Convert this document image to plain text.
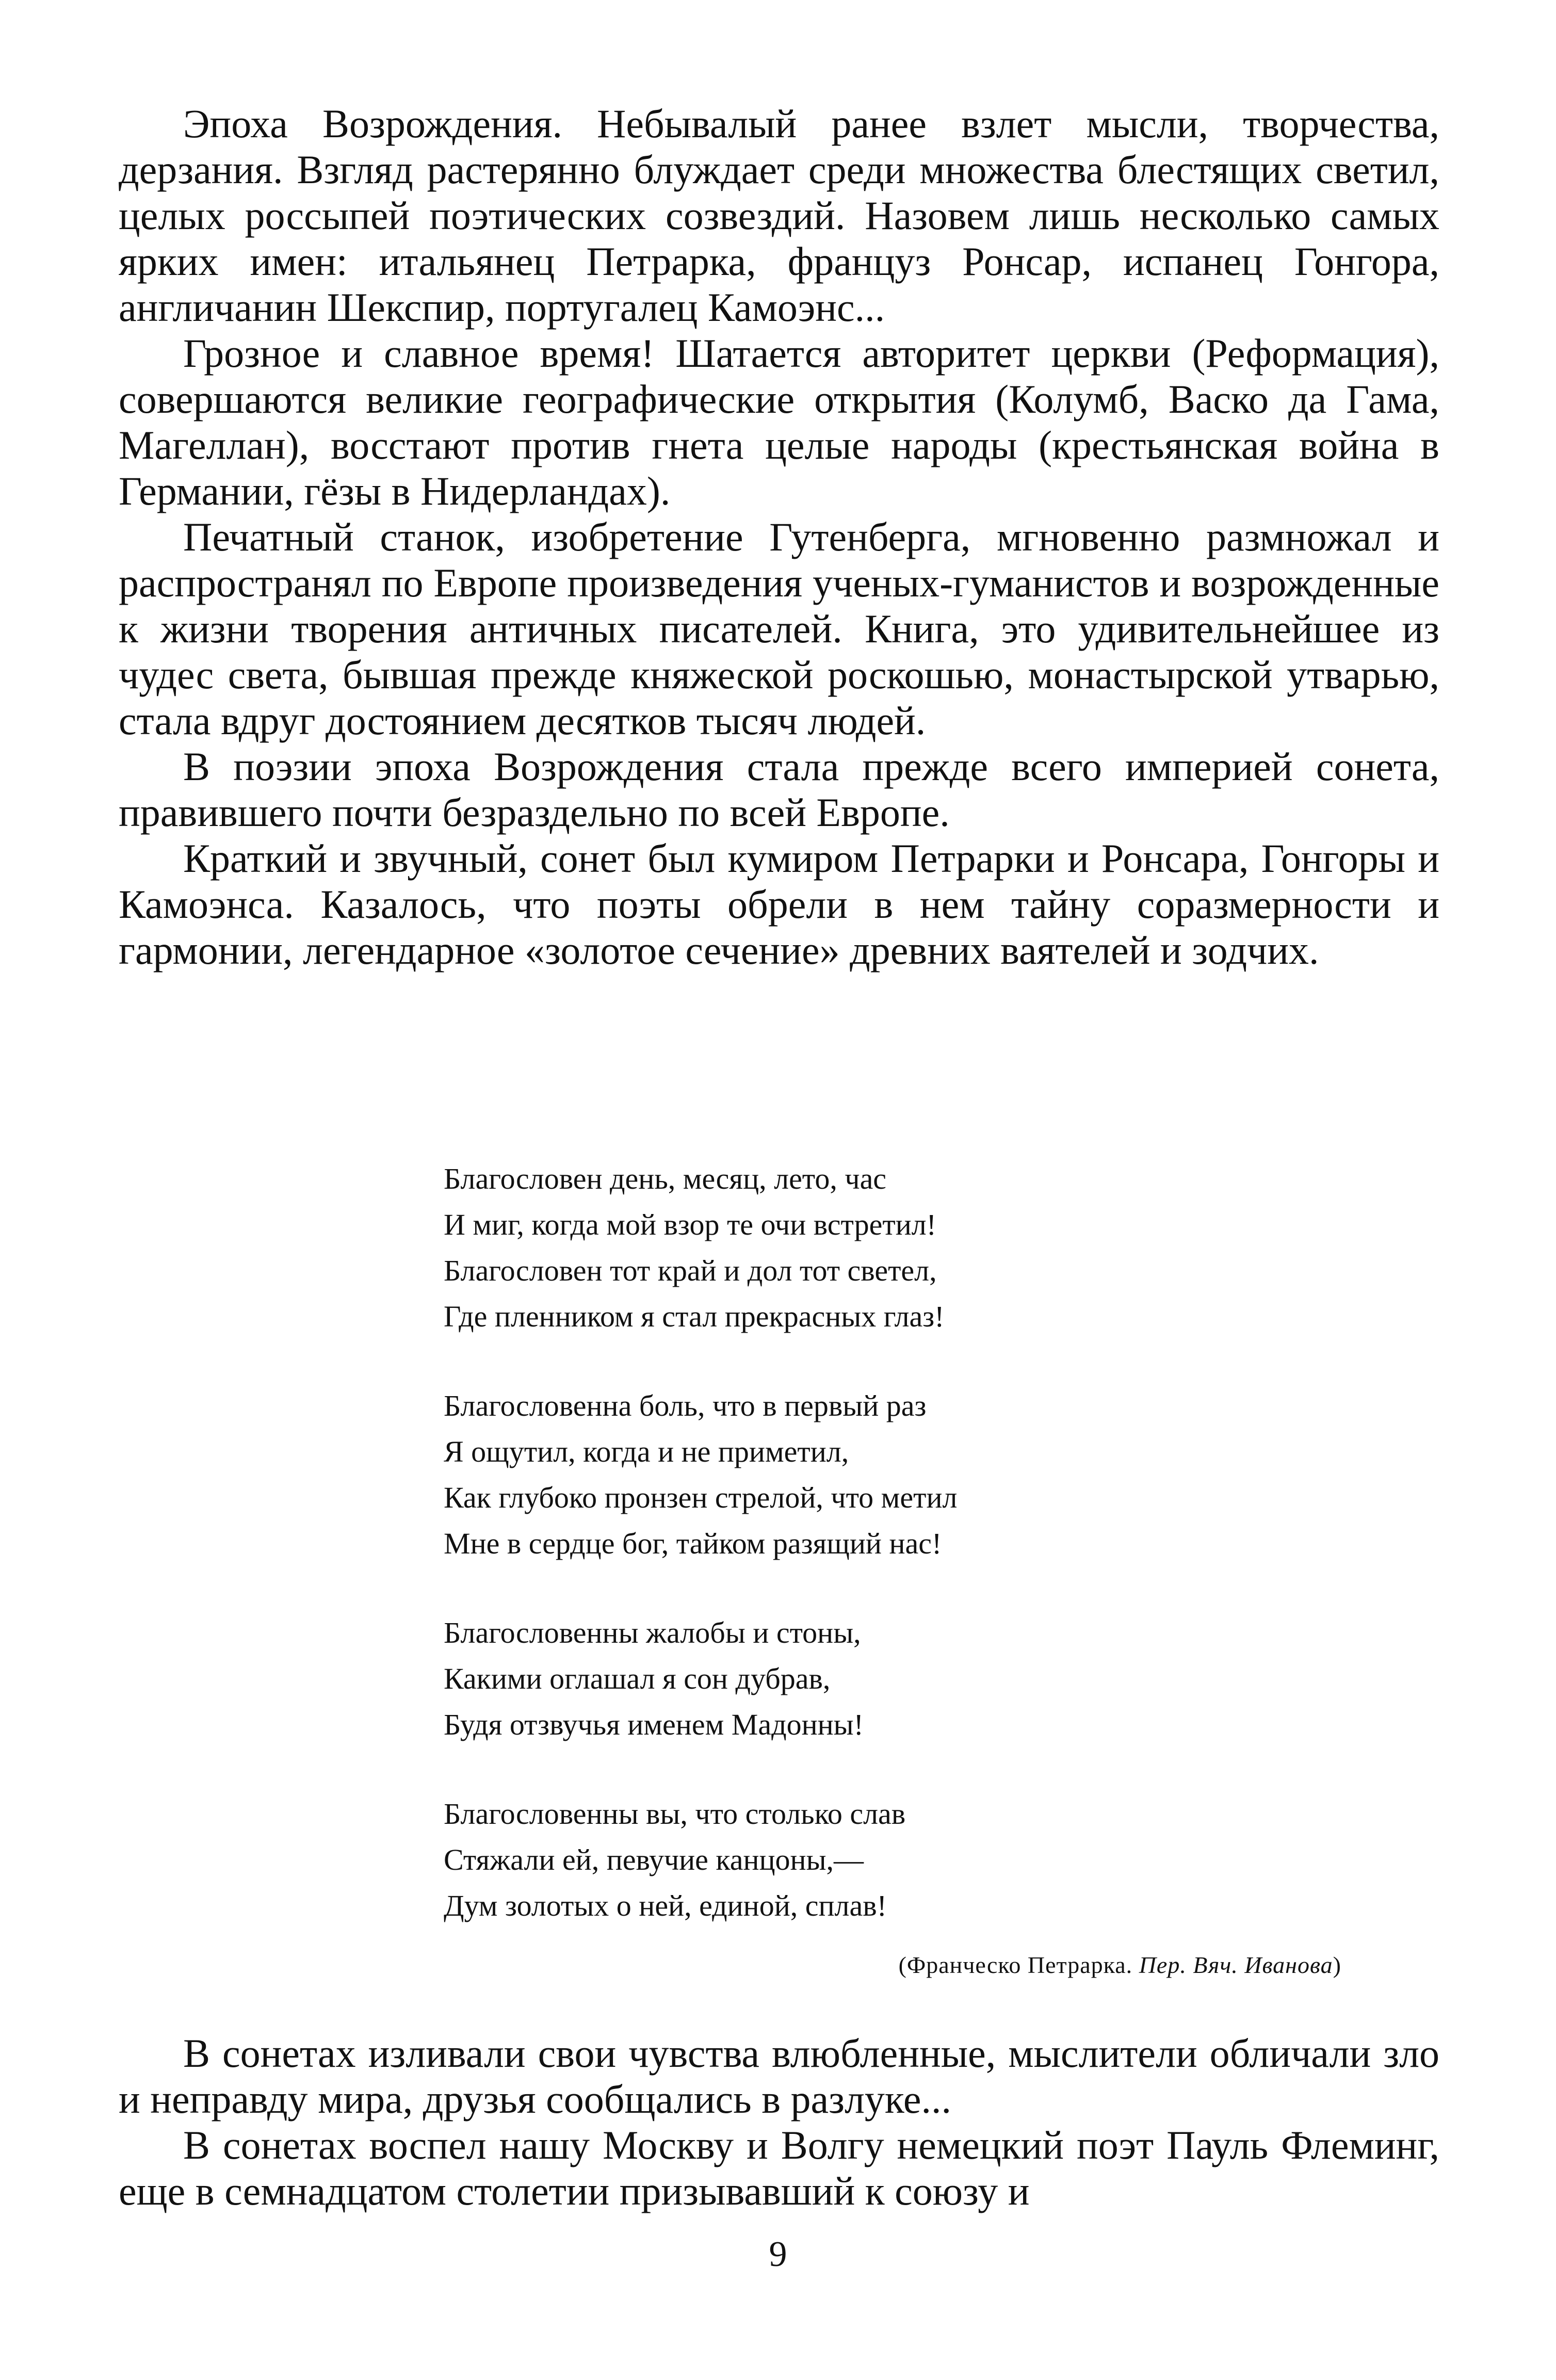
Эпоха Возрождения. Небывалый ранее взлет мысли, творчества, дерзания. Взгляд растерянно блуждает среди множества блестящих светил, целых россыпей поэтических созвездий. Назовем лишь несколько самых ярких имен: итальянец Петрарка, француз Ронсар, испанец Гонгора, англичанин Шекспир, португалец Камоэнс...

Грозное и славное время! Шатается авторитет церкви (Реформация), совершаются великие географические открытия (Колумб, Васко да Гама, Магеллан), восстают против гнета целые народы (крестьянская война в Германии, гёзы в Нидерландах).

Печатный станок, изобретение Гутенберга, мгновенно размножал и распространял по Европе произведения ученых-гуманистов и возрожденные к жизни творения античных писателей. Книга, это удивительнейшее из чудес света, бывшая прежде княжеской роскошью, монастырской утварью, стала вдруг достоянием десятков тысяч людей.

В поэзии эпоха Возрождения стала прежде всего империей сонета, правившего почти безраздельно по всей Европе.

Краткий и звучный, сонет был кумиром Петрарки и Ронсара, Гонгоры и Камоэнса. Казалось, что поэты обрели в нем тайну соразмерности и гармонии, легендарное «золотое сечение» древних ваятелей и зодчих.

Благословен день, месяц, лето, час
И миг, когда мой взор те очи встретил!
Благословен тот край и дол тот светел,
Где пленником я стал прекрасных глаз!
Благословенна боль, что в первый раз
Я ощутил, когда и не приметил,
Как глубоко пронзен стрелой, что метил
Мне в сердце бог, тайком разящий нас!
Благословенны жалобы и стоны,
Какими оглашал я сон дубрав,
Будя отзвучья именем Мадонны!
Благословенны вы, что столько слав
Стяжали ей, певучие канцоны,—
Дум золотых о ней, единой, сплав!
(Франческо Петрарка. Пер. Вяч. Иванова)

В сонетах изливали свои чувства влюбленные, мыслители обличали зло и неправду мира, друзья сообщались в разлуке...

В сонетах воспел нашу Москву и Волгу немецкий поэт Пауль Флеминг, еще в семнадцатом столетии призывавший к союзу и

9
